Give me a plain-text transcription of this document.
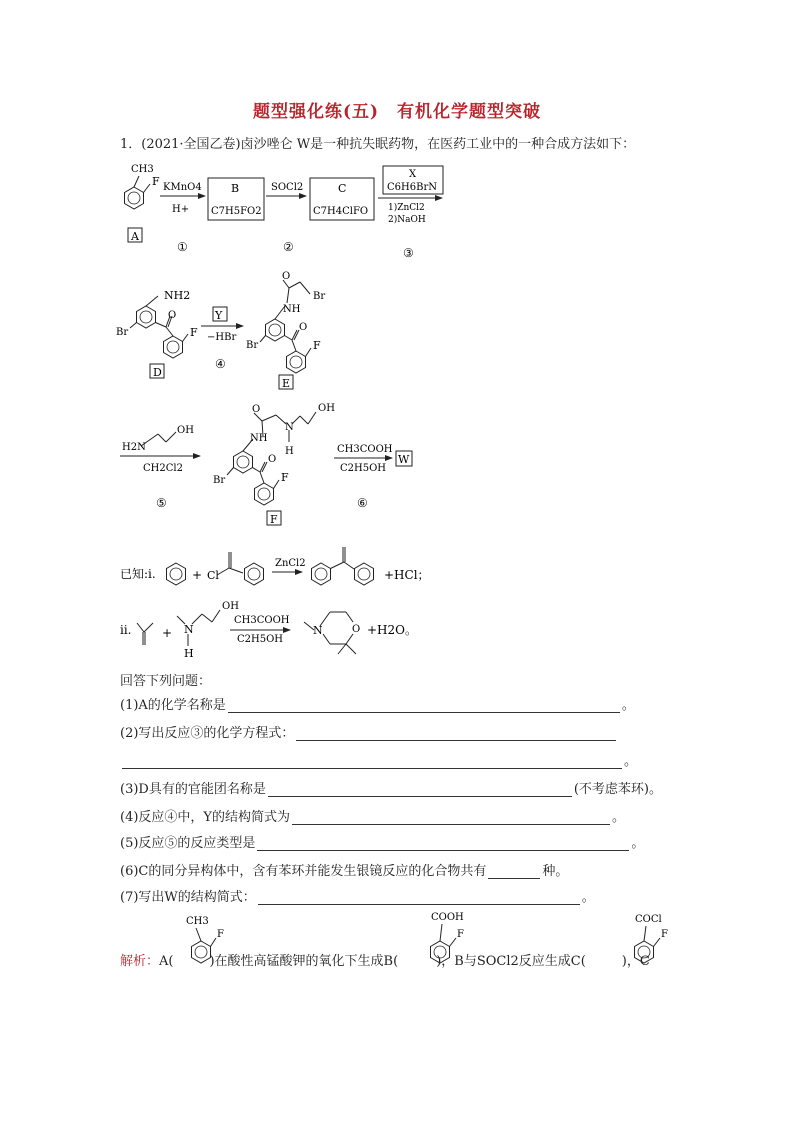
题型强化练(五)　有机化学题型突破
1．(2021·全国乙卷)卤沙唑仑 W是一种抗失眠药物，在医药工业中的一种合成方法如下：
CH3
F
A
KMnO4
H+
①
B
C7H5FO2
SOCl2
②
C
C7H4ClFO
X
C6H6BrN
1)ZnCl2
2)NaOH
③
NH2
O
F
Br
D
Y
−HBr
④
O
Br
NH
O
F
Br
E
H2N
OH
CH2Cl2
⑤
O
N
OH
NH
H
O
F
Br
F
CH3COOH
C2H5OH
⑥
W
已知:ⅰ.	+ Cl
ZnCl2
+HCl；
ⅱ.	+ N
H
OH
CH3COOH
C2H5OH
N	O +H2O。
回答下列问题：
(1)A的化学名称是	。
(2)写出反应③的化学方程式：
。
(3)D具有的官能团名称是	(不考虑苯环)。
(4)反应④中，Y的结构简式为	。
(5)反应⑤的反应类型是	。
(6)C的同分异构体中，含有苯环并能发生银镜反应的化合物共有	种。
(7)写出W的结构简式：	。
CH3
F
COOH
F
COCl
F
解析：A(	)在酸性高锰酸钾的氧化下生成B(	)，B与SOCl2反应生成C(	)，C
